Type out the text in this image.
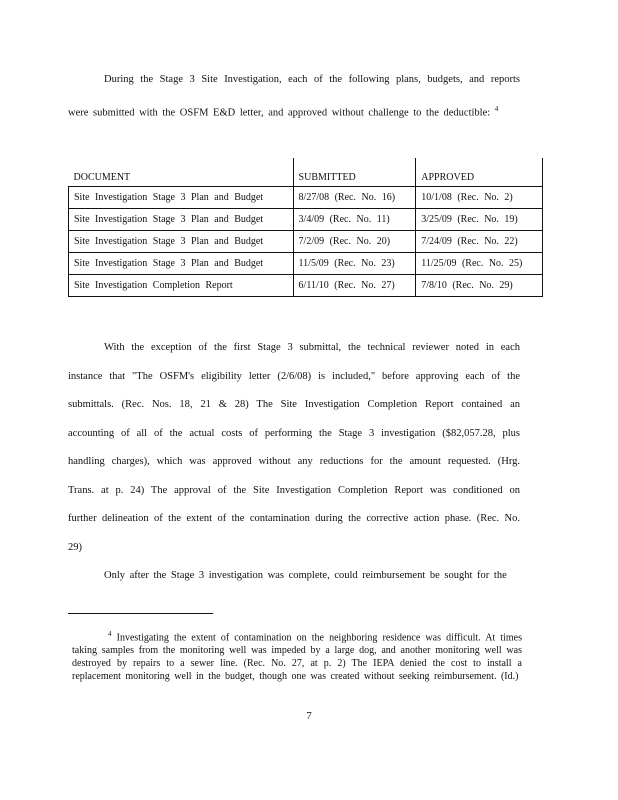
During the Stage 3 Site Investigation, each of the following plans, budgets, and reports were submitted with the OSFM E&D letter, and approved without challenge to the deductible: $^4$

DOCUMENT	SUBMITTED	APPROVED
Site Investigation Stage 3 Plan and Budget	8/27/08 (Rec. No. 16)	10/1/08 (Rec. No. 2)
Site Investigation Stage 3 Plan and Budget	3/4/09 (Rec. No. 11)	3/25/09 (Rec. No. 19)
Site Investigation Stage 3 Plan and Budget	7/2/09 (Rec. No. 20)	7/24/09 (Rec. No. 22)
Site Investigation Stage 3 Plan and Budget	11/5/09 (Rec. No. 23)	11/25/09 (Rec. No. 25)
Site Investigation Completion Report	6/11/10 (Rec. No. 27)	7/8/10 (Rec. No. 29)

With the exception of the first Stage 3 submittal, the technical reviewer noted in each instance that "The OSFM's eligibility letter (2/6/08) is included," before approving each of the submittals. (Rec. Nos. 18, 21 & 28) The Site Investigation Completion Report contained an accounting of all of the actual costs of performing the Stage 3 investigation ($82,057.28, plus handling charges), which was approved without any reductions for the amount requested. (Hrg. Trans. at p. 24) The approval of the Site Investigation Completion Report was conditioned on further delineation of the extent of the contamination during the corrective action phase. (Rec. No. 29)

Only after the Stage 3 investigation was complete, could reimbursement be sought for the

$^4$ Investigating the extent of contamination on the neighboring residence was difficult. At times taking samples from the monitoring well was impeded by a large dog, and another monitoring well was destroyed by repairs to a sewer line. (Rec. No. 27, at p. 2) The IEPA denied the cost to install a replacement monitoring well in the budget, though one was created without seeking reimbursement. (Id.)

7
